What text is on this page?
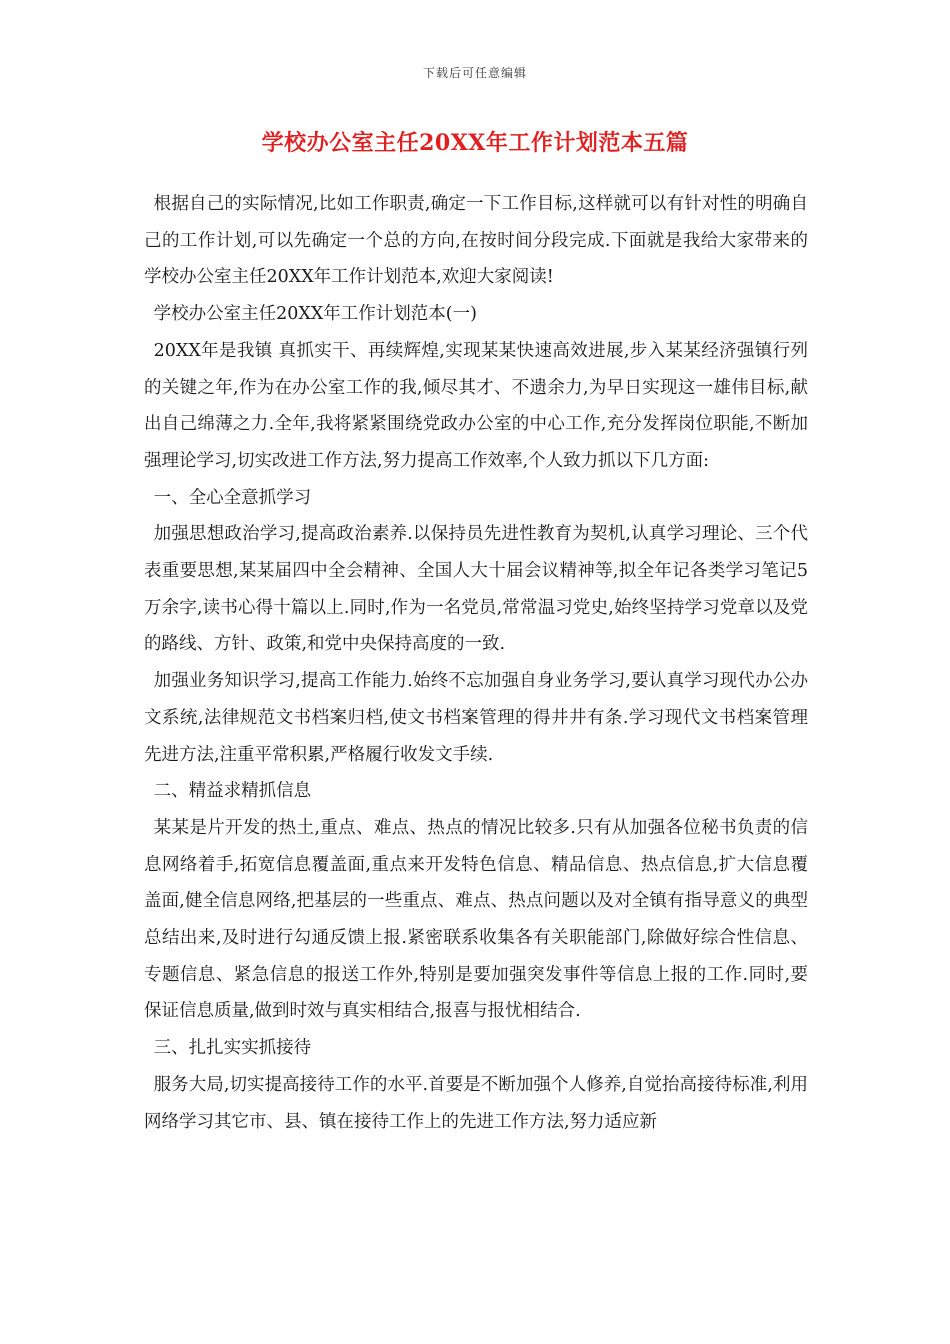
下载后可任意编辑
学校办公室主任20XX年工作计划范本五篇

根据自己的实际情况,比如工作职责,确定一下工作目标,这样就可以有针对性的明确自己的工作计划,可以先确定一个总的方向,在按时间分段完成.下面就是我给大家带来的学校办公室主任20XX年工作计划范本,欢迎大家阅读!

学校办公室主任20XX年工作计划范本(一)

20XX年是我镇 真抓实干、再续辉煌,实现某某快速高效进展,步入某某经济强镇行列 的关键之年,作为在办公室工作的我,倾尽其才、不遗余力,为早日实现这一雄伟目标,献出自己绵薄之力.全年,我将紧紧围绕党政办公室的中心工作,充分发挥岗位职能,不断加强理论学习,切实改进工作方法,努力提高工作效率,个人致力抓以下几方面:

一、全心全意抓学习

加强思想政治学习,提高政治素养.以保持员先进性教育为契机,认真学习理论、三个代表重要思想,某某届四中全会精神、全国人大十届会议精神等,拟全年记各类学习笔记5万余字,读书心得十篇以上.同时,作为一名党员,常常温习党史,始终坚持学习党章以及党的路线、方针、政策,和党中央保持高度的一致.

加强业务知识学习,提高工作能力.始终不忘加强自身业务学习,要认真学习现代办公办文系统,法律规范文书档案归档,使文书档案管理的得井井有条.学习现代文书档案管理先进方法,注重平常积累,严格履行收发文手续.

二、精益求精抓信息

某某是片开发的热土,重点、难点、热点的情况比较多.只有从加强各位秘书负责的信息网络着手,拓宽信息覆盖面,重点来开发特色信息、精品信息、热点信息,扩大信息覆盖面,健全信息网络,把基层的一些重点、难点、热点问题以及对全镇有指导意义的典型总结出来,及时进行勾通反馈上报.紧密联系收集各有关职能部门,除做好综合性信息、专题信息、紧急信息的报送工作外,特别是要加强突发事件等信息上报的工作.同时,要保证信息质量,做到时效与真实相结合,报喜与报忧相结合.

三、扎扎实实抓接待

服务大局,切实提高接待工作的水平.首要是不断加强个人修养,自觉抬高接待标准,利用网络学习其它市、县、镇在接待工作上的先进工作方法,努力适应新
